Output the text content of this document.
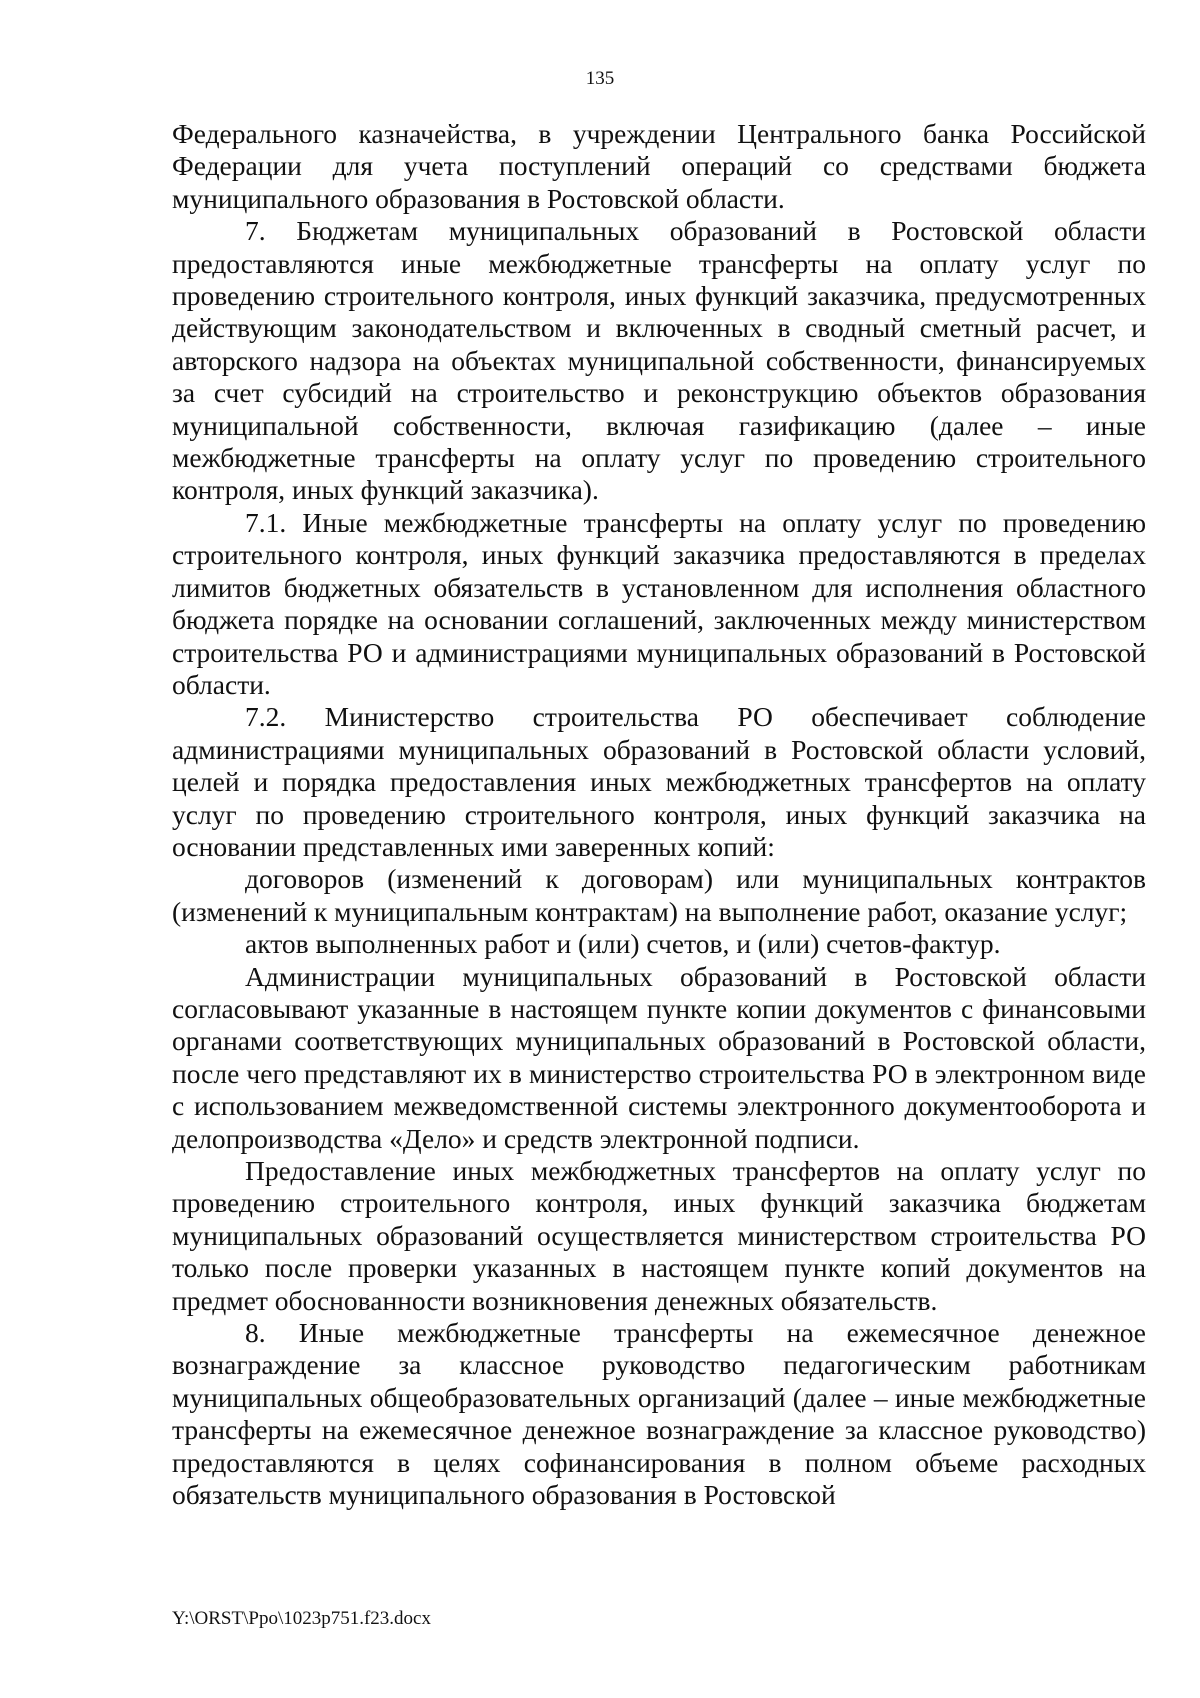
135

Федерального казначейства, в учреждении Центрального банка Российской Федерации для учета поступлений операций со средствами бюджета муниципального образования в Ростовской области.

7. Бюджетам муниципальных образований в Ростовской области предоставляются иные межбюджетные трансферты на оплату услуг по проведению строительного контроля, иных функций заказчика, предусмотренных действующим законодательством и включенных в сводный сметный расчет, и авторского надзора на объектах муниципальной собственности, финансируемых за счет субсидий на строительство и реконструкцию объектов образования муниципальной собственности, включая газификацию (далее – иные межбюджетные трансферты на оплату услуг по проведению строительного контроля, иных функций заказчика).

7.1. Иные межбюджетные трансферты на оплату услуг по проведению строительного контроля, иных функций заказчика предоставляются в пределах лимитов бюджетных обязательств в установленном для исполнения областного бюджета порядке на основании соглашений, заключенных между министерством строительства РО и администрациями муниципальных образований в Ростовской области.

7.2. Министерство строительства РО обеспечивает соблюдение администрациями муниципальных образований в Ростовской области условий, целей и порядка предоставления иных межбюджетных трансфертов на оплату услуг по проведению строительного контроля, иных функций заказчика на основании представленных ими заверенных копий:

договоров (изменений к договорам) или муниципальных контрактов (изменений к муниципальным контрактам) на выполнение работ, оказание услуг;

актов выполненных работ и (или) счетов, и (или) счетов-фактур.

Администрации муниципальных образований в Ростовской области согласовывают указанные в настоящем пункте копии документов с финансовыми органами соответствующих муниципальных образований в Ростовской области, после чего представляют их в министерство строительства РО в электронном виде с использованием межведомственной системы электронного документооборота и делопроизводства «Дело» и средств электронной подписи.

Предоставление иных межбюджетных трансфертов на оплату услуг по проведению строительного контроля, иных функций заказчика бюджетам муниципальных образований осуществляется министерством строительства РО только после проверки указанных в настоящем пункте копий документов на предмет обоснованности возникновения денежных обязательств.

8. Иные межбюджетные трансферты на ежемесячное денежное вознаграждение за классное руководство педагогическим работникам муниципальных общеобразовательных организаций (далее – иные межбюджетные трансферты на ежемесячное денежное вознаграждение за классное руководство) предоставляются в целях софинансирования в полном объеме расходных обязательств муниципального образования в Ростовской

Y:\ORST\Ppo\1023p751.f23.docx
